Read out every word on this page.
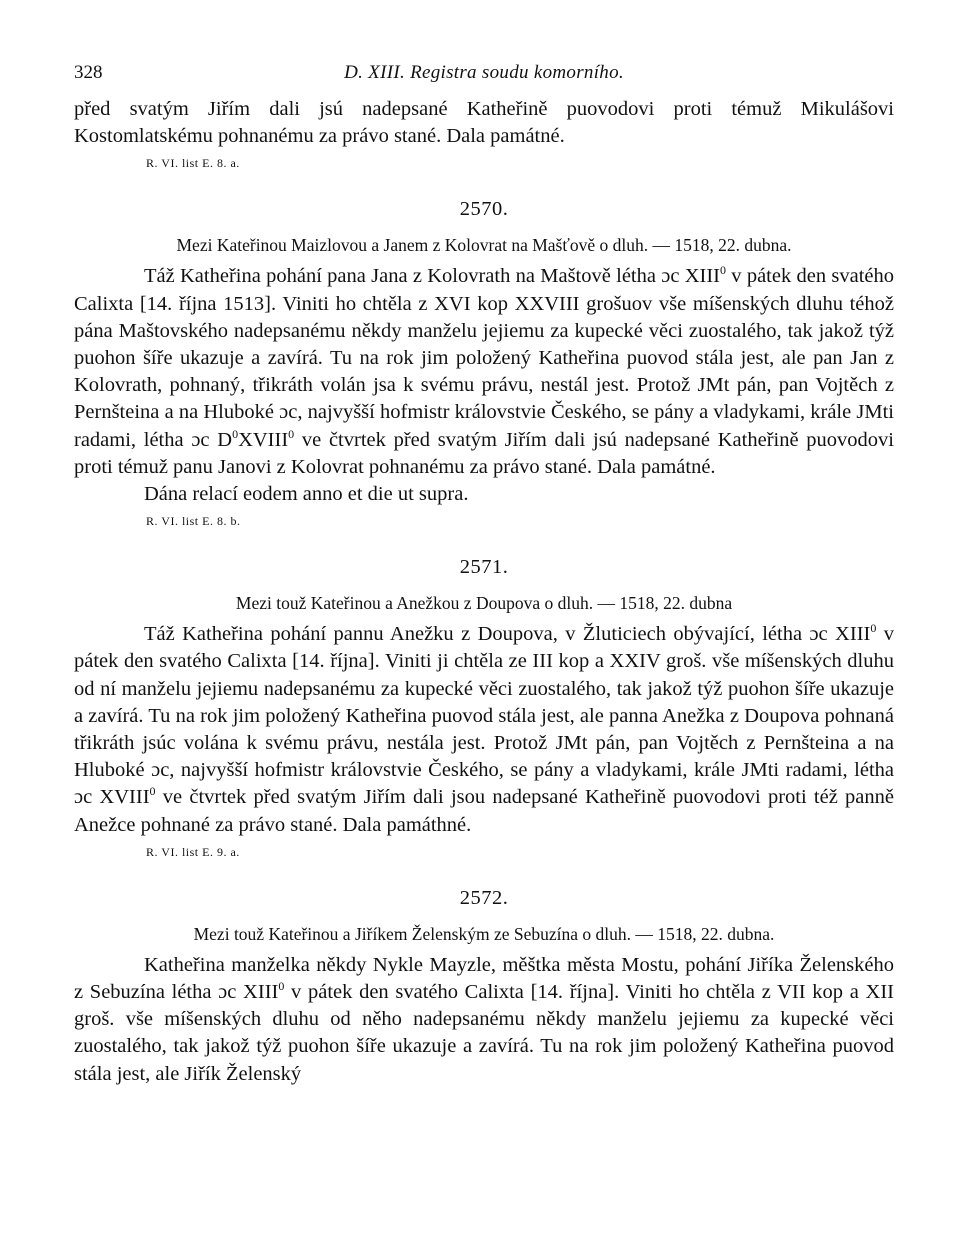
328	D. XIII. Registra soudu komorního.

před svatým Jiřím dali jsú nadepsané Katheřině puovodovi proti témuž Mikulášovi Kostomlatskému pohnanému za právo stané. Dala památné.

R. VI. list E. 8. a.
2570.
Mezi Kateřinou Maizlovou a Janem z Kolovrat na Mašťově o dluh. — 1518, 22. dubna.

Táž Katheřina pohání pana Jana z Kolovrath na Maštově létha ɔc XIII$^0$ v pátek den svatého Calixta [14. října 1513]. Viniti ho chtěla z XVI kop XXVIII grošuov vše míšenských dluhu téhož pána Maštovského nadepsanému někdy manželu jejiemu za kupecké věci zuostalého, tak jakož týž puohon šíře ukazuje a zavírá. Tu na rok jim položený Katheřina puovod stála jest, ale pan Jan z Kolovrath, pohnaný, třikráth volán jsa k svému právu, nestál jest. Protož JMt pán, pan Vojtěch z Pernšteina a na Hluboké ɔc, najvyšší hofmistr královstvie Českého, se pány a vladykami, krále JMti radami, létha ɔc $D^0XVIII^0$ ve čtvrtek před svatým Jiřím dali jsú nadepsané Katheřině puovodovi proti témuž panu Janovi z Kolovrat pohnanému za právo stané. Dala památné.

Dána relací eodem anno et die ut supra.

R. VI. list E. 8. b.
2571.
Mezi touž Kateřinou a Anežkou z Doupova o dluh. — 1518, 22. dubna

Táž Katheřina pohání pannu Anežku z Doupova, v Žluticiech obývající, létha ɔc XIII$^0$ v pátek den svatého Calixta [14. října]. Viniti ji chtěla ze III kop a XXIV groš. vše míšenských dluhu od ní manželu jejiemu nadepsanému za kupecké věci zuostalého, tak jakož týž puohon šíře ukazuje a zavírá. Tu na rok jim položený Katheřina puovod stála jest, ale panna Anežka z Doupova pohnaná třikráth jsúc volána k svému právu, nestála jest. Protož JMt pán, pan Vojtěch z Pernšteina a na Hluboké ɔc, najvyšší hofmistr královstvie Českého, se pány a vladykami, krále JMti radami, létha ɔc XVIII$^0$ ve čtvrtek před svatým Jiřím dali jsou nadepsané Katheřině puovodovi proti též panně Anežce pohnané za právo stané. Dala památhné.

R. VI. list E. 9. a.
2572.
Mezi touž Kateřinou a Jiříkem Želenským ze Sebuzína o dluh. — 1518, 22. dubna.

Katheřina manželka někdy Nykle Mayzle, měštka města Mostu, pohání Jiříka Želenského z Sebuzína létha ɔc XIII$^0$ v pátek den svatého Calixta [14. října]. Viniti ho chtěla z VII kop a XII groš. vše míšenských dluhu od něho nadepsanému někdy manželu jejiemu za kupecké věci zuostalého, tak jakož týž puohon šíře ukazuje a zavírá. Tu na rok jim položený Katheřina puovod stála jest, ale Jiřík Želenský
